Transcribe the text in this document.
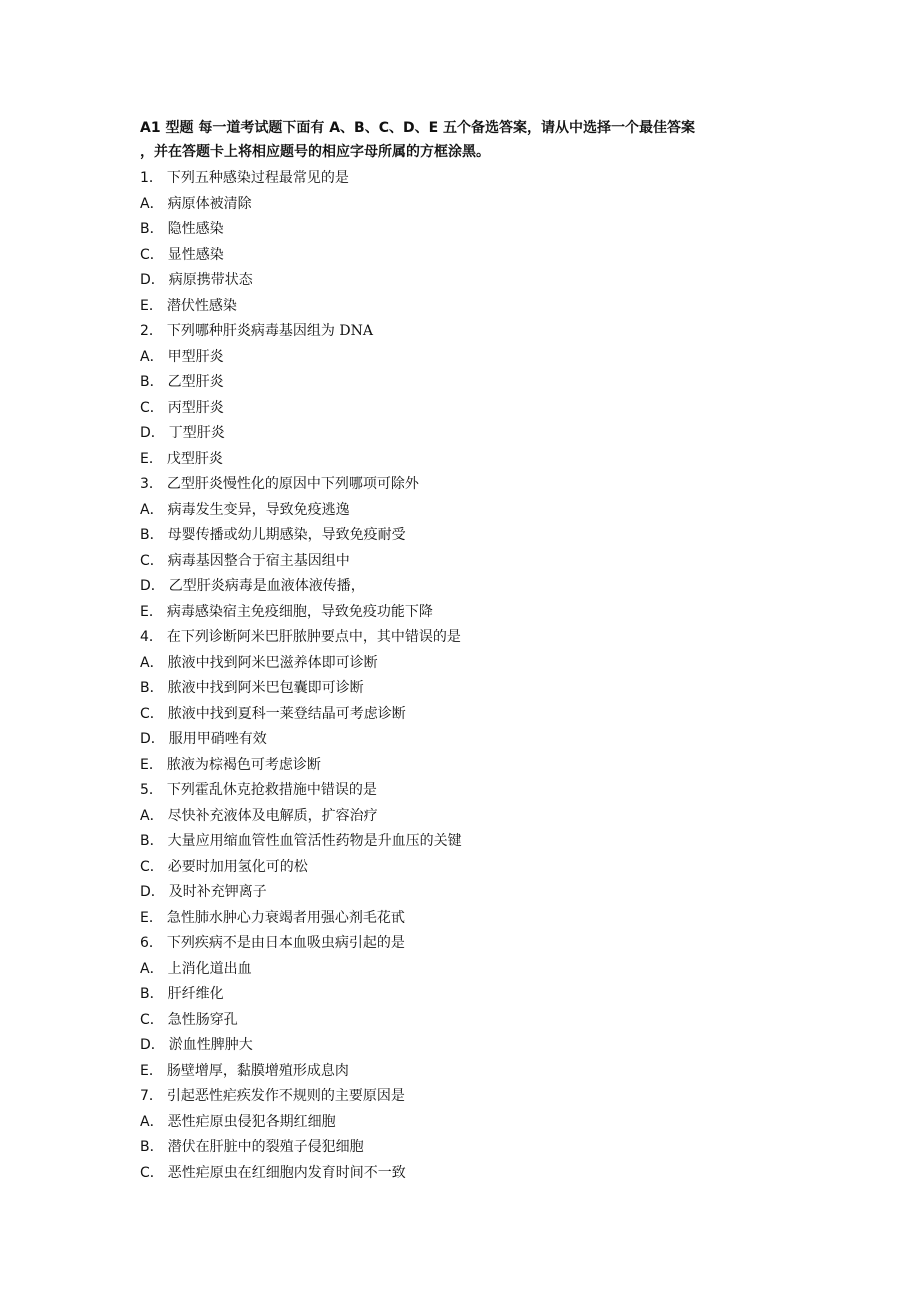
A1 型题 每一道考试题下面有 A、B、C、D、E 五个备选答案，请从中选择一个最佳答案
，并在答题卡上将相应题号的相应字母所属的方框涂黑。
1． 下列五种感染过程最常见的是
A． 病原体被清除
B． 隐性感染
C． 显性感染
D． 病原携带状态
E． 潜伏性感染
2． 下列哪种肝炎病毒基因组为 DNA
A． 甲型肝炎
B． 乙型肝炎
C． 丙型肝炎
D． 丁型肝炎
E． 戊型肝炎
3． 乙型肝炎慢性化的原因中下列哪项可除外
A． 病毒发生变异，导致免疫逃逸
B． 母婴传播或幼儿期感染，导致免疫耐受
C． 病毒基因整合于宿主基因组中
D． 乙型肝炎病毒是血液体液传播，
E． 病毒感染宿主免疫细胞，导致免疫功能下降
4． 在下列诊断阿米巴肝脓肿要点中，其中错误的是
A． 脓液中找到阿米巴滋养体即可诊断
B． 脓液中找到阿米巴包囊即可诊断
C． 脓液中找到夏科一莱登结晶可考虑诊断
D． 服用甲硝唑有效
E． 脓液为棕褐色可考虑诊断
5． 下列霍乱休克抢救措施中错误的是
A． 尽快补充液体及电解质，扩容治疗
B． 大量应用缩血管性血管活性药物是升血压的关键
C． 必要时加用氢化可的松
D． 及时补充钾离子
E． 急性肺水肿心力衰竭者用强心剂毛花甙
6． 下列疾病不是由日本血吸虫病引起的是
A． 上消化道出血
B． 肝纤维化
C． 急性肠穿孔
D． 淤血性脾肿大
E． 肠壁增厚，黏膜增殖形成息肉
7． 引起恶性疟疾发作不规则的主要原因是
A． 恶性疟原虫侵犯各期红细胞
B． 潜伏在肝脏中的裂殖子侵犯细胞
C． 恶性疟原虫在红细胞内发育时间不一致
